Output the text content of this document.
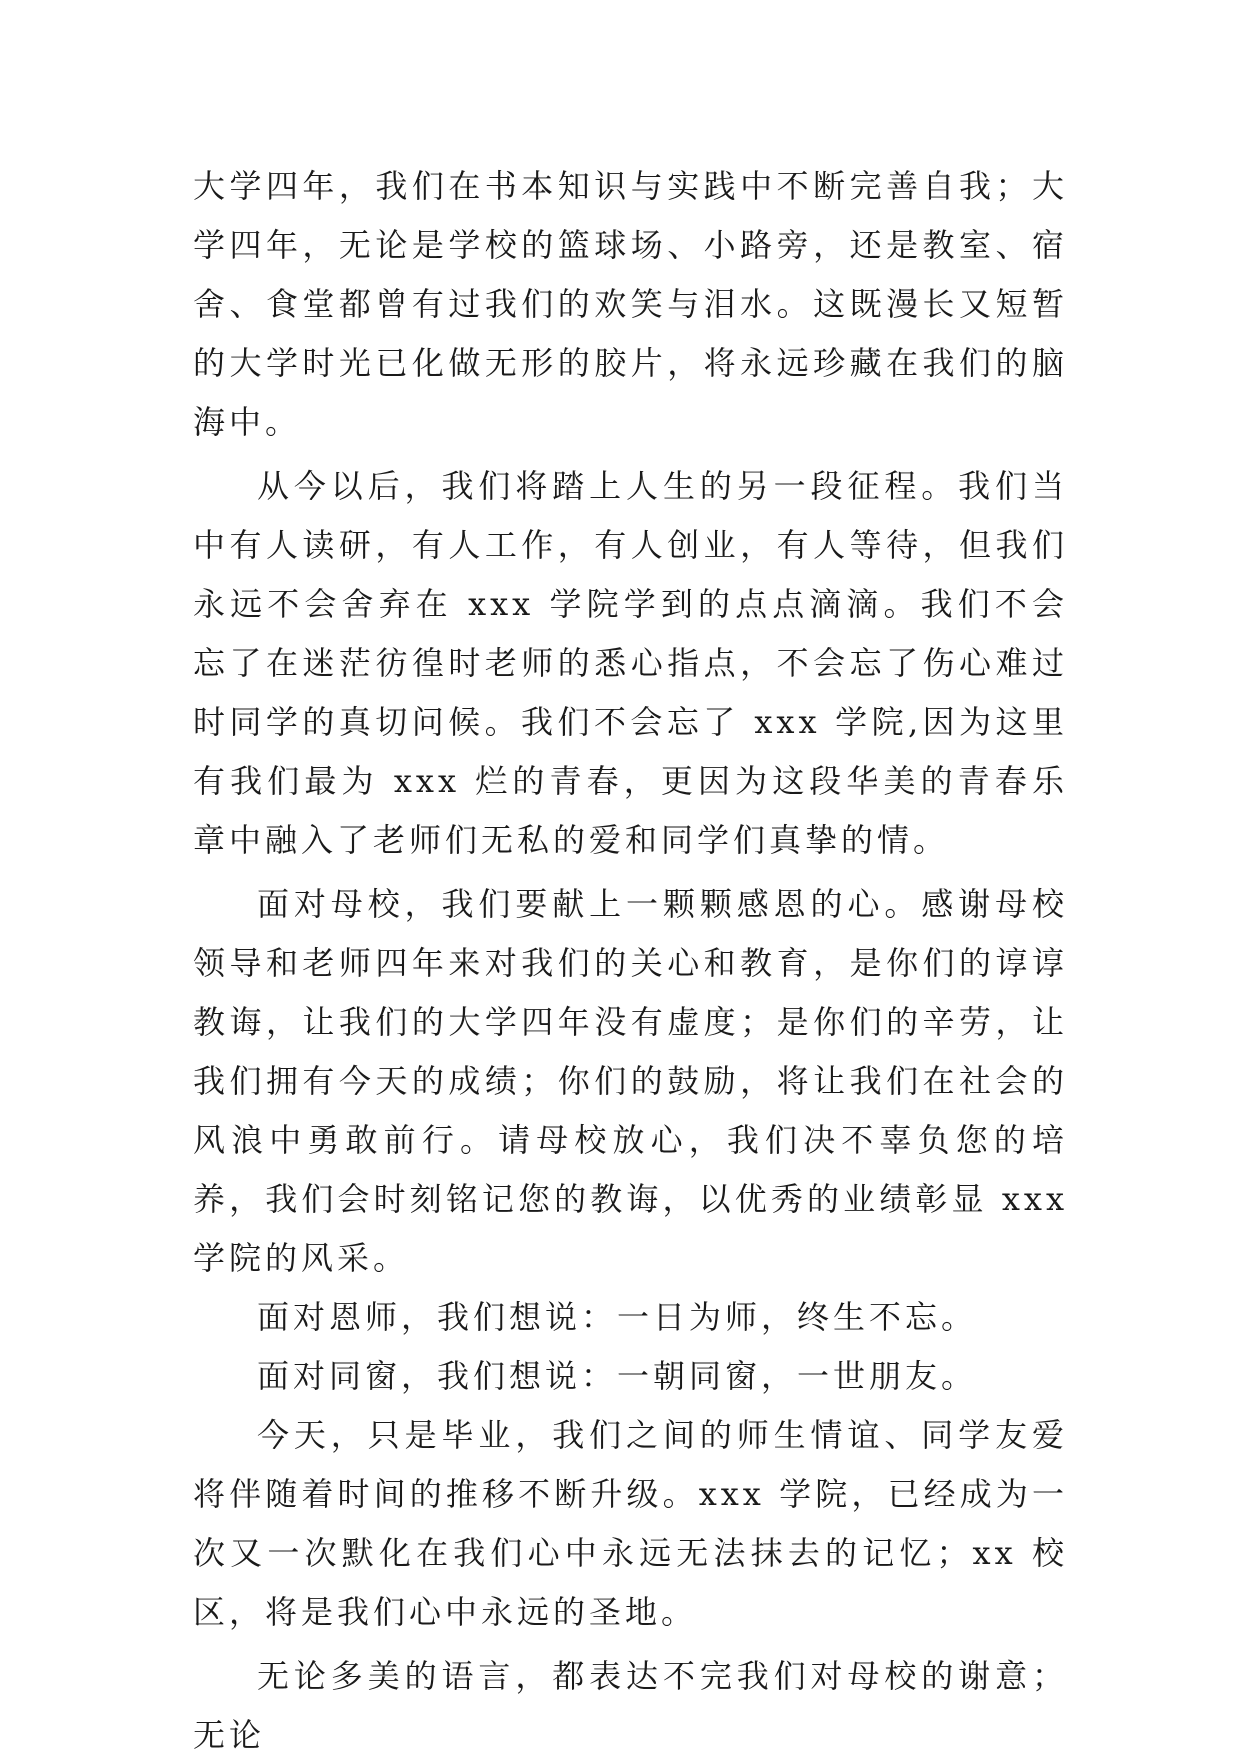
大学四年，我们在书本知识与实践中不断完善自我；大学四年，无论是学校的篮球场、小路旁，还是教室、宿舍、食堂都曾有过我们的欢笑与泪水。这既漫长又短暂的大学时光已化做无形的胶片，将永远珍藏在我们的脑海中。

从今以后，我们将踏上人生的另一段征程。我们当中有人读研，有人工作，有人创业，有人等待，但我们永远不会舍弃在 xxx 学院学到的点点滴滴。我们不会忘了在迷茫彷徨时老师的悉心指点，不会忘了伤心难过时同学的真切问候。我们不会忘了 xxx 学院,因为这里有我们最为 xxx 烂的青春，更因为这段华美的青春乐章中融入了老师们无私的爱和同学们真挚的情。

面对母校，我们要献上一颗颗感恩的心。感谢母校领导和老师四年来对我们的关心和教育，是你们的谆谆教诲，让我们的大学四年没有虚度；是你们的辛劳，让我们拥有今天的成绩；你们的鼓励，将让我们在社会的风浪中勇敢前行。请母校放心，我们决不辜负您的培养，我们会时刻铭记您的教诲，以优秀的业绩彰显 xxx 学院的风采。

面对恩师，我们想说：一日为师，终生不忘。

面对同窗，我们想说：一朝同窗，一世朋友。

今天，只是毕业，我们之间的师生情谊、同学友爱将伴随着时间的推移不断升级。xxx 学院，已经成为一次又一次默化在我们心中永远无法抹去的记忆；xx 校区，将是我们心中永远的圣地。

无论多美的语言，都表达不完我们对母校的谢意；无论
